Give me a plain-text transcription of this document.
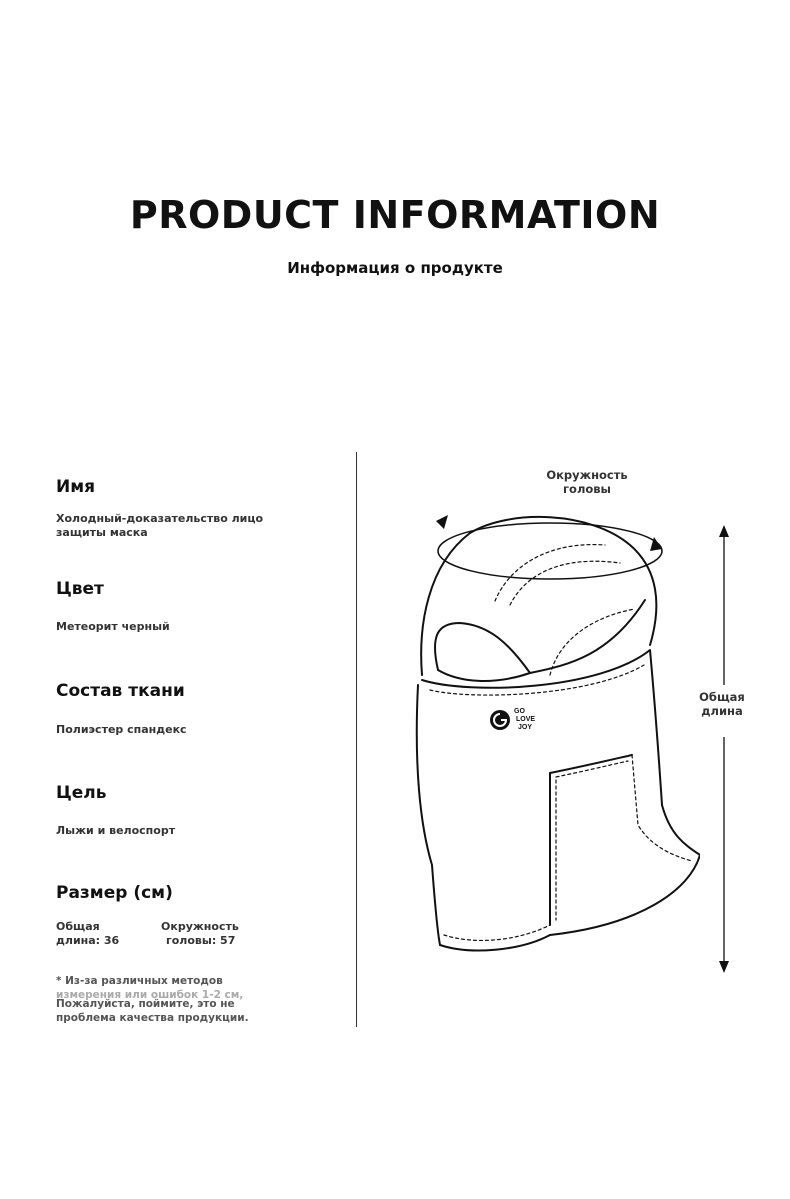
PRODUCT INFORMATION
Информация о продукте
Имя
Холодный-доказательство лицо
защиты маска
Цвет
Метеорит черный
Состав ткани
Полиэстер спандекс
Цель
Лыжи и велоспорт
Размер (см)
Общая
длина: 36
Окружность
головы: 57
* Из-за различных методов
измерения или ошибок 1-2 см,
Пожалуйста, поймите, это не
проблема качества продукции.
Окружность
головы
Общая
длина
GO
LOVE
JOY
